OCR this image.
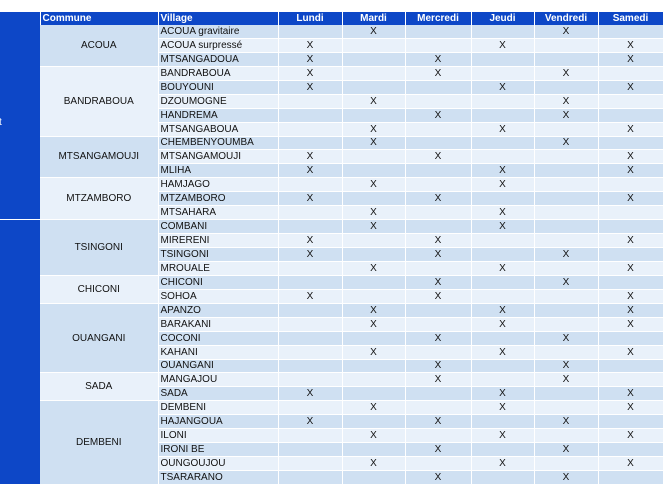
	Commune	Village	Lundi	Mardi	Mercredi	Jeudi	Vendredi	Samedi
	ACOUA	ACOUA gravitaire		X			X	
		ACOUA surpressé	X			X		X
		MTSANGADOUA	X		X			X
	BANDRABOUA	BANDRABOUA	X		X		X	
		BOUYOUNI	X			X		X
		DZOUMOGNE		X			X	
		HANDREMA			X		X	
		MTSANGABOUA		X		X		X
	MTSANGAMOUJI	CHEMBENYOUMBA		X			X	
		MTSANGAMOUJI	X		X			X
		MLIHA	X			X		X
	MTZAMBORO	HAMJAGO		X		X		
		MTZAMBORO	X		X			X
		MTSAHARA		X		X		
	TSINGONI	COMBANI		X		X		
		MIRERENI	X		X			X
		TSINGONI	X		X		X	
		MROUALE		X		X		X
	CHICONI	CHICONI			X		X	
		SOHOA	X		X			X
	OUANGANI	APANZO		X		X		X
		BARAKANI		X		X		X
		COCONI			X		X	
		KAHANI		X		X		X
		OUANGANI			X		X	
	SADA	MANGAJOU			X		X	
		SADA	X			X		X
	DEMBENI	DEMBENI		X		X		X
		HAJANGOUA	X		X		X	
		ILONI		X		X		X
		IRONI BE			X		X	
		OUNGOUJOU		X		X		X
		TSARARANO			X		X	
